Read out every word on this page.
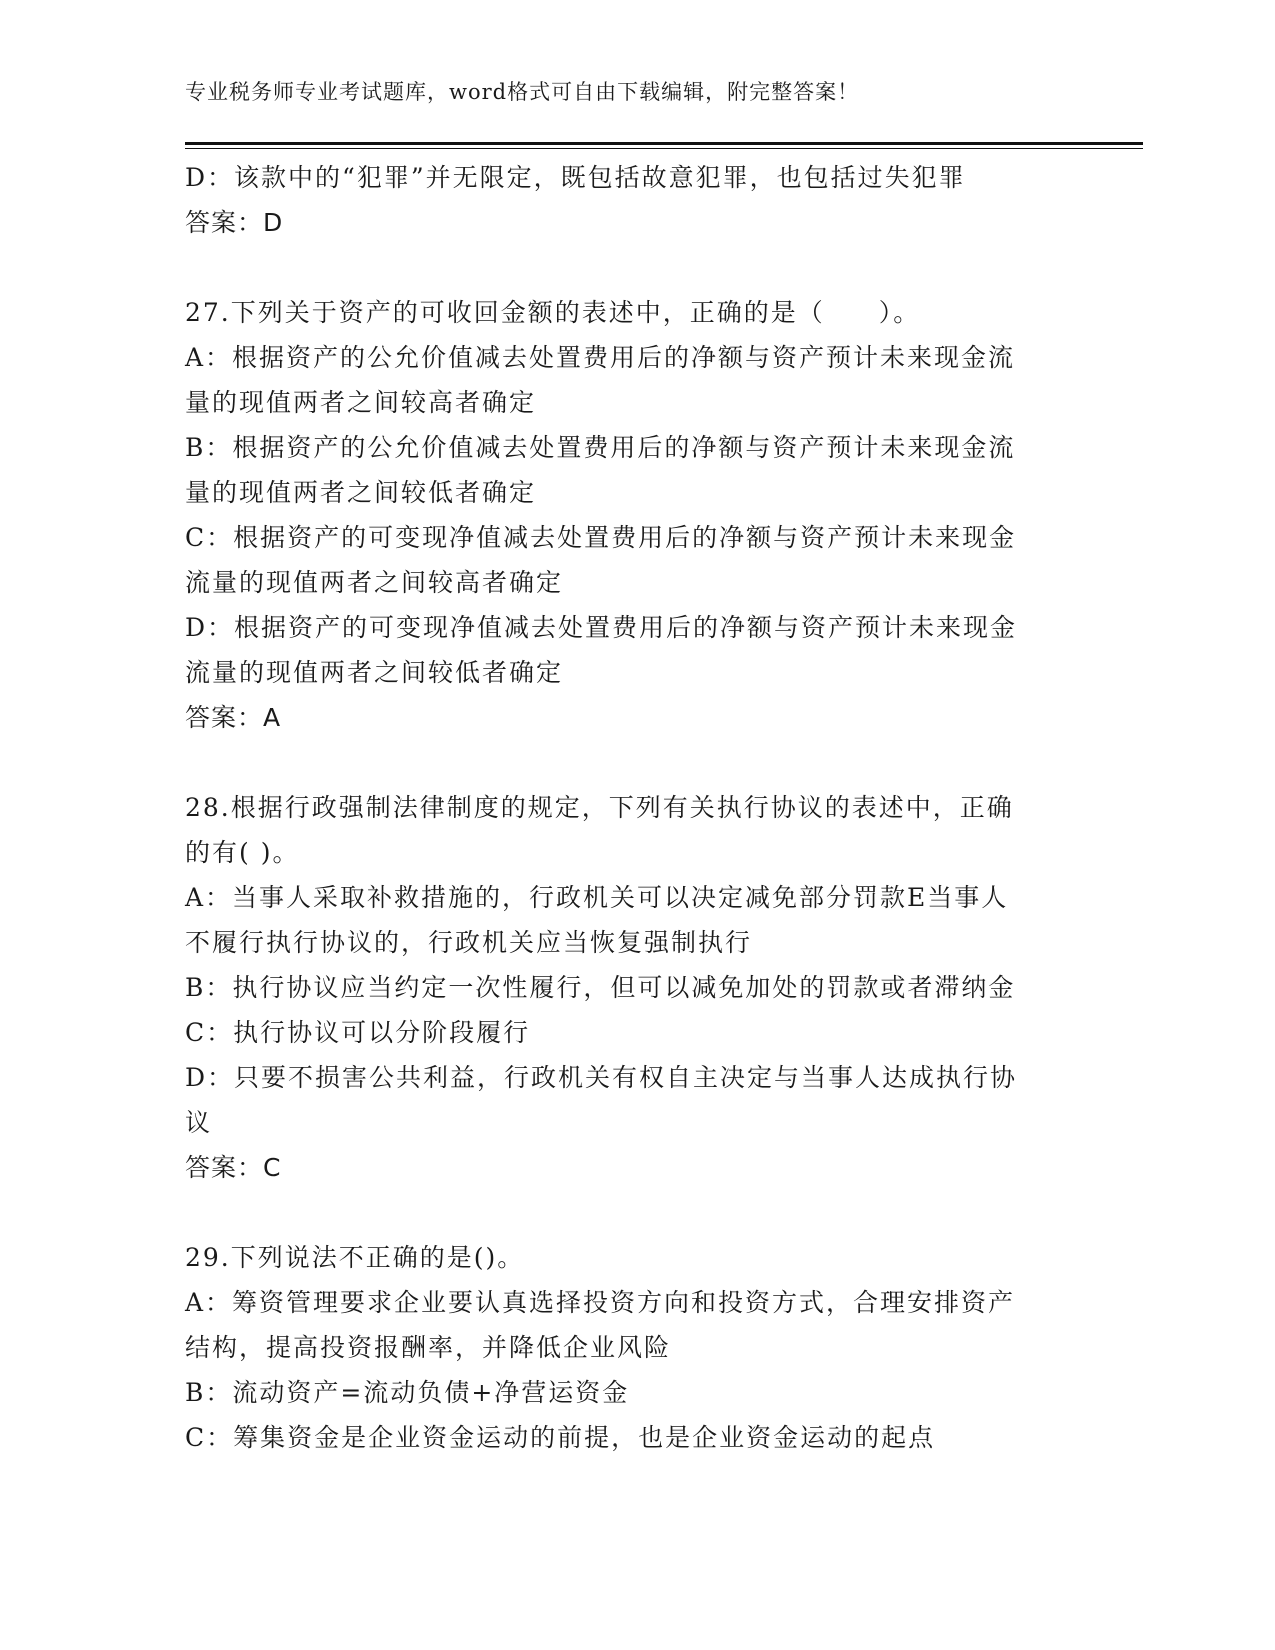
专业税务师专业考试题库，word格式可自由下载编辑，附完整答案！
D：该款中的“犯罪”并无限定，既包括故意犯罪，也包括过失犯罪
答案：D
27.下列关于资产的可收回金额的表述中，正确的是（　　）。
A：根据资产的公允价值减去处置费用后的净额与资产预计未来现金流
量的现值两者之间较高者确定
B：根据资产的公允价值减去处置费用后的净额与资产预计未来现金流
量的现值两者之间较低者确定
C：根据资产的可变现净值减去处置费用后的净额与资产预计未来现金
流量的现值两者之间较高者确定
D：根据资产的可变现净值减去处置费用后的净额与资产预计未来现金
流量的现值两者之间较低者确定
答案：A
28.根据行政强制法律制度的规定，下列有关执行协议的表述中，正确
的有( )。
A：当事人采取补救措施的，行政机关可以决定减免部分罚款E当事人
不履行执行协议的，行政机关应当恢复强制执行
B：执行协议应当约定一次性履行，但可以减免加处的罚款或者滞纳金
C：执行协议可以分阶段履行
D：只要不损害公共利益，行政机关有权自主决定与当事人达成执行协
议
答案：C
29.下列说法不正确的是()。
A：筹资管理要求企业要认真选择投资方向和投资方式，合理安排资产
结构，提高投资报酬率，并降低企业风险
B：流动资产=流动负债+净营运资金
C：筹集资金是企业资金运动的前提，也是企业资金运动的起点
